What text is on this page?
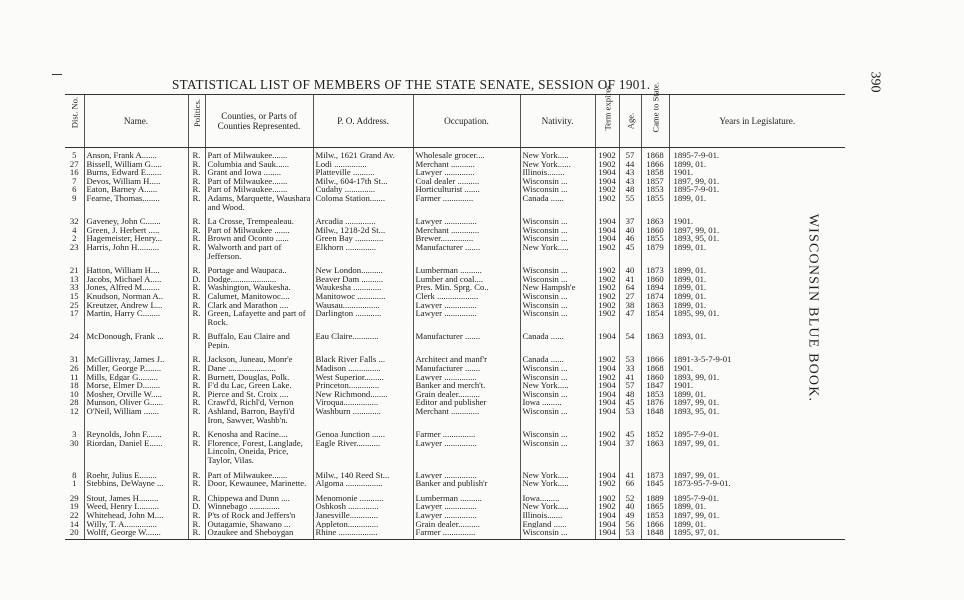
STATISTICAL LIST OF MEMBERS OF THE STATE SENATE, SESSION OF 1901.	390
WISCONSIN BLUE BOOK.
Dist. No.	Name.	Politics.	Counties, or Parts of Counties Represented.	P. O. Address.	Occupation.	Nativity.	Term expires.	Age.	Came to State.	Years in Legislature.
5	Anson, Frank A.......	R.	Part of Milwaukee.......	Milw., 1621 Grand Av.	Wholesale grocer....	New York.....	1902	57	1868	1895-7-9-01.
27	Bissell, William G.....	R.	Columbia and Sauk......	Lodi ...............	Merchant ...........	New York......	1902	44	1866	1899, 01.
16	Burns, Edward E.......	R.	Grant and Iowa ........	Platteville ..........	Lawyer ..............	Illinois........	1904	43	1858	1901.
7	Devos, William H.....	R.	Part of Milwaukee.......	Milw., 604-17th St...	Coal dealer ..........	Wisconsin ...	1904	43	1857	1897, 99, 01.
6	Eaton, Barney A......	R.	Part of Milwaukee.......	Cudahy ..............	Horticulturist .......	Wisconsin ...	1902	48	1853	1895-7-9-01.
9	Fearne, Thomas........	R.	Adams, Marquette, Waushara and Wood.	Coloma Station.......	Farmer ..............	Canada ......	1902	55	1855	1899, 01.
32	Gaveney, John C.......	R.	La Crosse, Trempealeau.	Arcadia ..............	Lawyer ...............	Wisconsin ...	1904	37	1863	1901.
4	Green, J. Herbert .....	R.	Part of Milwaukee .......	Milw., 1218-2d St...	Merchant .............	Wisconsin ...	1904	40	1860	1897, 99, 01.
2	Hagemeister, Henry...	R.	Brown and Oconto ......	Green Bay .............	Brewer...............	Wisconsin ...	1904	46	1855	1893, 95, 01.
23	Harris, John H..........	R.	Walworth and part of Jefferson.	Elkhorn ..............	Manufacturer .......	New York.....	1902	45	1879	1899, 01.
21	Hatton, William H....	R.	Portage and Waupaca..	New London..........	Lumberman ..........	Wisconsin ...	1902	40	1873	1899, 01.
13	Jacobs, Michael A.....	D.	Dodge.....................	Beaver Dam ..........	Lumber and coal....	Wisconsin ...	1902	41	1860	1899, 01.
33	Jones, Alfred M........	R.	Washington, Waukesha.	Waukesha .............	Pres. Min. Sprg. Co..	New Hampsh'e	1902	64	1894	1899, 01.
15	Knudson, Norman A..	R.	Calumet, Manitowoc....	Manitowoc .............	Clerk ...................	Wisconsin ...	1902	27	1874	1899, 01.
25	Kreutzer, Andrew L...	R.	Clark and Marathon ....	Wausau.................	Lawyer ...............	Wisconsin ...	1902	38	1863	1899, 01.
17	Martin, Harry C........	R.	Green, Lafayette and part of Rock.	Darlington ............	Lawyer ...............	Wisconsin ...	1902	47	1854	1895, 99, 01.
24	McDonough, Frank ...	R.	Buffalo, Eau Claire and Pepin.	Eau Claire............	Manufacturer .......	Canada ......	1904	54	1863	1893, 01.
31	McGillivray, James J..	R.	Jackson, Juneau, Monr'e	Black River Falls ...	Architect and manf'r	Canada ......	1902	53	1866	1891-3-5-7-9-01
26	Miller, George P........	R.	Dane ......................	Madison ...............	Manufacturer .......	Wisconsin ...	1904	33	1868	1901.
11	Mills, Edgar G.........	R.	Burnett, Douglas, Polk.	West Superior.........	Lawyer ...............	Wisconsin ...	1902	41	1860	1893, 99, 01.
18	Morse, Elmer D........	R.	F'd du Lac, Green Lake.	Princeton..............	Banker and merch't.	New York.....	1904	57	1847	1901.
10	Mosher, Orville W.....	R.	Pierce and St. Croix ....	New Richmond........	Grain dealer..........	Wisconsin ...	1904	48	1853	1899, 01.
28	Munson, Oliver G......	R.	Crawf'd, Richl'd, Vernon	Viroqua................	Editor and publisher	Iowa .........	1904	45	1876	1897, 99, 01.
12	O'Neil, William .......	R.	Ashland, Barron, Bayfi'd Iron, Sawyer, Washb'n.	Washburn .............	Merchant .............	Wisconsin ...	1904	53	1848	1893, 95, 01.
3	Reynolds, John F.......	R.	Kenosha and Racine....	Genoa Junction ......	Farmer ...............	Wisconsin ...	1902	45	1852	1895-7-9-01.
30	Riordan, Daniel E......	R.	Florence, Forest, Langlade, Lincoln, Oneida, Price, Taylor, Vilas.	Eagle River...........	Lawyer ...............	Wisconsin ...	1904	37	1863	1897, 99, 01.
8	Roehr, Julius E........	R.	Part of Milwaukee.......	Milw., 140 Reed St...	Lawyer ...............	New York.....	1904	41	1873	1897, 99, 01.
1	Stebbins, DeWayne ...	R.	Door, Kewaunee, Marinette.	Algoma .................	Banker and publish'r	New York.....	1902	66	1845	1873-95-7-9-01.
29	Stout, James H.........	R.	Chippewa and Dunn ....	Menomonie ...........	Lumberman ..........	Iowa.........	1902	52	1889	1895-7-9-01.
19	Weed, Henry I..........	D.	Winnebago ..............	Oshkosh ..............	Lawyer ...............	New York.....	1902	40	1865	1899, 01.
22	Whitehead, John M....	R.	P'ts of Rock and Jeffers'n	Janesville.............	Lawyer ...............	Illinois.......	1904	49	1853	1897, 99, 01.
14	Willy, T. A...............	R.	Outagamie, Shawano ...	Appleton..............	Grain dealer..........	England ......	1904	56	1866	1899, 01.
20	Wolff, George W.......	R.	Ozaukee and Sheboygan	Rhine ..................	Farmer ...............	Wisconsin ...	1904	53	1848	1895, 97, 01.
